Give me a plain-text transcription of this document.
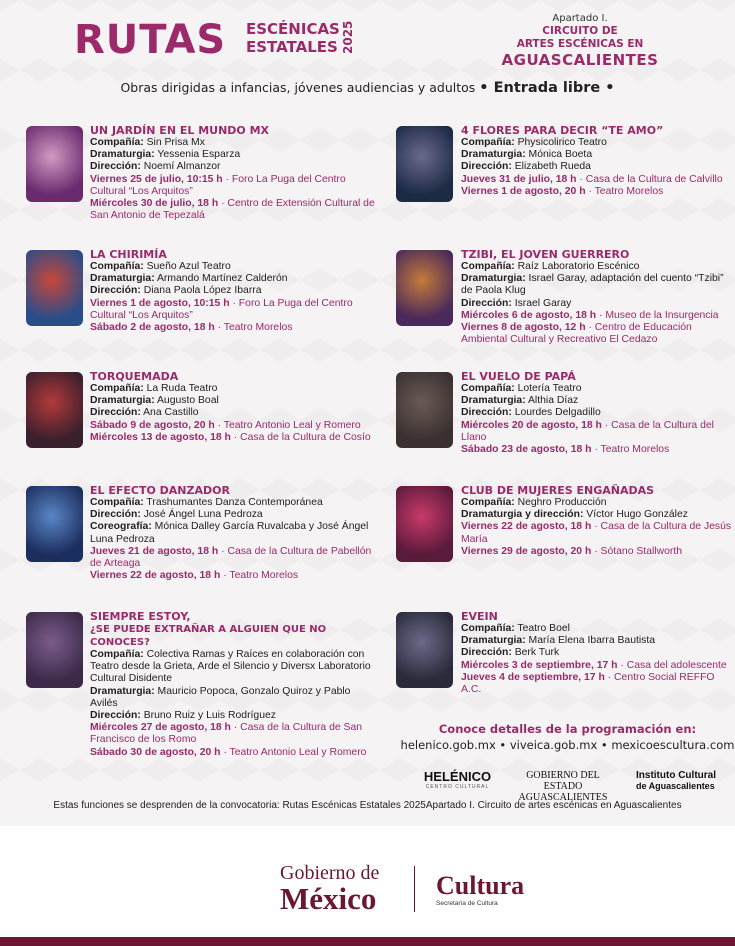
RUTAS ESCÉNICAS
ESTATALES 2025
Apartado I.
CIRCUITO DE
ARTES ESCÉNICAS EN
AGUASCALIENTES
Obras dirigidas a infancias, jóvenes audiencias y adultos • Entrada libre •
UN JARDÍN EN EL MUNDO MX
Compañía: Sin Prisa Mx
Dramaturgia: Yessenia Esparza
Dirección: Noemí Almanzor
Viernes 25 de julio, 10:15 h · Foro La Puga del Centro Cultural “Los Arquitos”
Miércoles 30 de julio, 18 h · Centro de Extensión Cultural de San Antonio de Tepezalá
LA CHIRIMÍA
Compañía: Sueño Azul Teatro
Dramaturgia: Armando Martínez Calderón
Dirección: Diana Paola López Ibarra
Viernes 1 de agosto, 10:15 h · Foro La Puga del Centro Cultural “Los Arquitos”
Sábado 2 de agosto, 18 h · Teatro Morelos
TORQUEMADA
Compañía: La Ruda Teatro
Dramaturgia: Augusto Boal
Dirección: Ana Castillo
Sábado 9 de agosto, 20 h · Teatro Antonio Leal y Romero
Miércoles 13 de agosto, 18 h · Casa de la Cultura de Cosío
EL EFECTO DANZADOR
Compañía: Trashumantes Danza Contemporánea
Dirección: José Ángel Luna Pedroza
Coreografía: Mónica Dalley García Ruvalcaba y José Ángel Luna Pedroza
Jueves 21 de agosto, 18 h · Casa de la Cultura de Pabellón de Arteaga
Viernes 22 de agosto, 18 h · Teatro Morelos
SIEMPRE ESTOY,
¿SE PUEDE EXTRAÑAR A ALGUIEN QUE NO CONOCES?
Compañía: Colectiva Ramas y Raíces en colaboración con Teatro desde la Grieta, Arde el Silencio y Diversx Laboratorio Cultural Disidente
Dramaturgia: Mauricio Popoca, Gonzalo Quiroz y Pablo Avilés
Dirección: Bruno Ruiz y Luis Rodríguez
Miércoles 27 de agosto, 18 h · Casa de la Cultura de San Francisco de los Romo
Sábado 30 de agosto, 20 h · Teatro Antonio Leal y Romero
4 FLORES PARA DECIR “TE AMO”
Compañía: Physicolirico Teatro
Dramaturgia: Mónica Boeta
Dirección: Elizabeth Rueda
Jueves 31 de julio, 18 h · Casa de la Cultura de Calvillo
Viernes 1 de agosto, 20 h · Teatro Morelos
TZIBI, EL JOVEN GUERRERO
Compañía: Raíz Laboratorio Escénico
Dramaturgia: Israel Garay, adaptación del cuento “Tzibi” de Paola Klug
Dirección: Israel Garay
Miércoles 6 de agosto, 18 h · Museo de la Insurgencia
Viernes 8 de agosto, 12 h · Centro de Educación Ambiental Cultural y Recreativo El Cedazo
EL VUELO DE PAPÁ
Compañía: Lotería Teatro
Dramaturgia: Althia Díaz
Dirección: Lourdes Delgadillo
Miércoles 20 de agosto, 18 h · Casa de la Cultura del Llano
Sábado 23 de agosto, 18 h · Teatro Morelos
CLUB DE MUJERES ENGAÑADAS
Compañía: Neghro Producción
Dramaturgia y dirección: Víctor Hugo González
Viernes 22 de agosto, 18 h · Casa de la Cultura de Jesús María
Viernes 29 de agosto, 20 h · Sótano Stallworth
EVEIN
Compañía: Teatro Boel
Dramaturgia: María Elena Ibarra Bautista
Dirección: Berk Turk
Miércoles 3 de septiembre, 17 h · Casa del adolescente
Jueves 4 de septiembre, 17 h · Centro Social REFFO A.C.
Conoce detalles de la programación en:
helenico.gob.mx • viveica.gob.mx • mexicoescultura.com
HELÉNICO
CENTRO CULTURAL
GOBIERNO DEL ESTADO
AGUASCALIENTES
Instituto Cultural
de Aguascalientes
Estas funciones se desprenden de la convocatoria: Rutas Escénicas Estatales 2025Apartado I. Circuito de artes escénicas en Aguascalientes
Gobierno de
México Cultura
Secretaría de Cultura
